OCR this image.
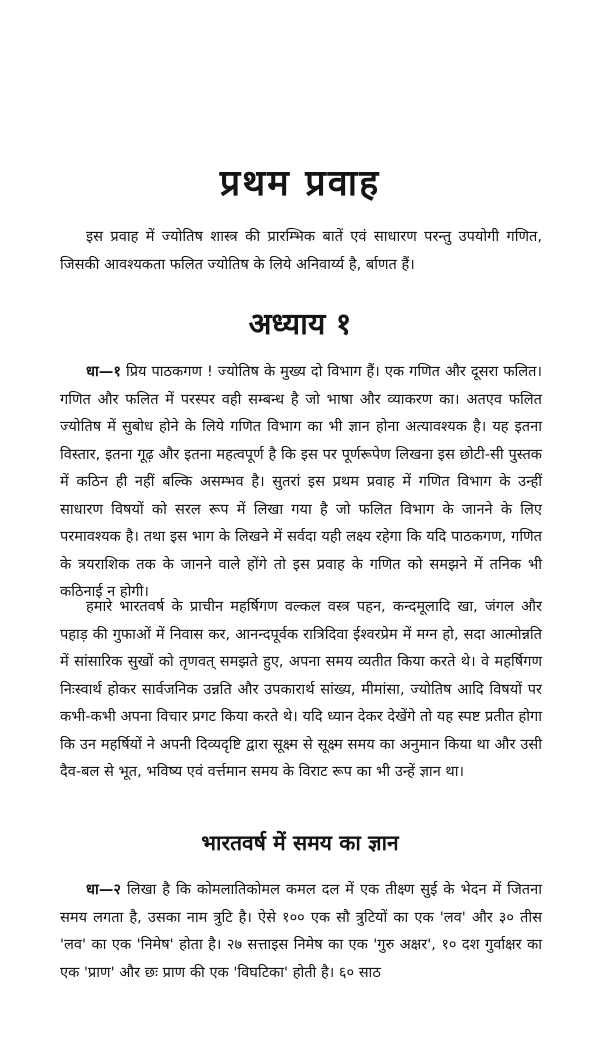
प्रथम प्रवाह

इस प्रवाह में ज्योतिष शास्त्र की प्रारम्भिक बातें एवं साधारण परन्तु उपयोगी गणित, जिसकी आवश्यकता फलित ज्योतिष के लिये अनिवार्य्य है, र्बाणत हैं।

अध्याय १

धा—१ प्रिय पाठकगण ! ज्योतिष के मुख्य दो विभाग हैं। एक गणित और दूसरा फलित। गणित और फलित में परस्पर वही सम्बन्ध है जो भाषा और व्याकरण का। अतएव फलित ज्योतिष में सुबोध होने के लिये गणित विभाग का भी ज्ञान होना अत्यावश्यक है। यह इतना विस्तार, इतना गूढ़ और इतना महत्वपूर्ण है कि इस पर पूर्णरूपेण लिखना इस छोटी-सी पुस्तक में कठिन ही नहीं बल्कि असम्भव है। सुतरां इस प्रथम प्रवाह में गणित विभाग के उन्हीं साधारण विषयों को सरल रूप में लिखा गया है जो फलित विभाग के जानने के लिए परमावश्यक है। तथा इस भाग के लिखने में सर्वदा यही लक्ष्य रहेगा कि यदि पाठकगण, गणित के त्रयराशिक तक के जानने वाले होंगे तो इस प्रवाह के गणित को समझने में तनिक भी कठिनाई न होगी।

हमारे भारतवर्ष के प्राचीन महर्षिगण वल्कल वस्त्र पहन, कन्दमूलादि खा, जंगल और पहाड़ की गुफाओं में निवास कर, आनन्दपूर्वक रात्रिदिवा ईश्वरप्रेम में मग्न हो, सदा आत्मोन्नति में सांसारिक सुखों को तृणवत् समझते हुए, अपना समय व्यतीत किया करते थे। वे महर्षिगण निःस्वार्थ होकर सार्वजनिक उन्नति और उपकारार्थ सांख्य, मीमांसा, ज्योतिष आदि विषयों पर कभी-कभी अपना विचार प्रगट किया करते थे। यदि ध्यान देकर देखेंगे तो यह स्पष्ट प्रतीत होगा कि उन महर्षियों ने अपनी दिव्यदृष्टि द्वारा सूक्ष्म से सूक्ष्म समय का अनुमान किया था और उसी दैव-बल से भूत, भविष्य एवं वर्त्तमान समय के विराट रूप का भी उन्हें ज्ञान था।

भारतवर्ष में समय का ज्ञान

धा—२ लिखा है कि कोमलातिकोमल कमल दल में एक तीक्ष्ण सुई के भेदन में जितना समय लगता है, उसका नाम त्रुटि है। ऐसे १०० एक सौ त्रुटियों का एक 'लव' और ३० तीस 'लव' का एक 'निमेष' होता है। २७ सत्ताइस निमेष का एक 'गुरु अक्षर', १० दश गुर्वाक्षर का एक 'प्राण' और छः प्राण की एक 'विघटिका' होती है। ६० साठ
